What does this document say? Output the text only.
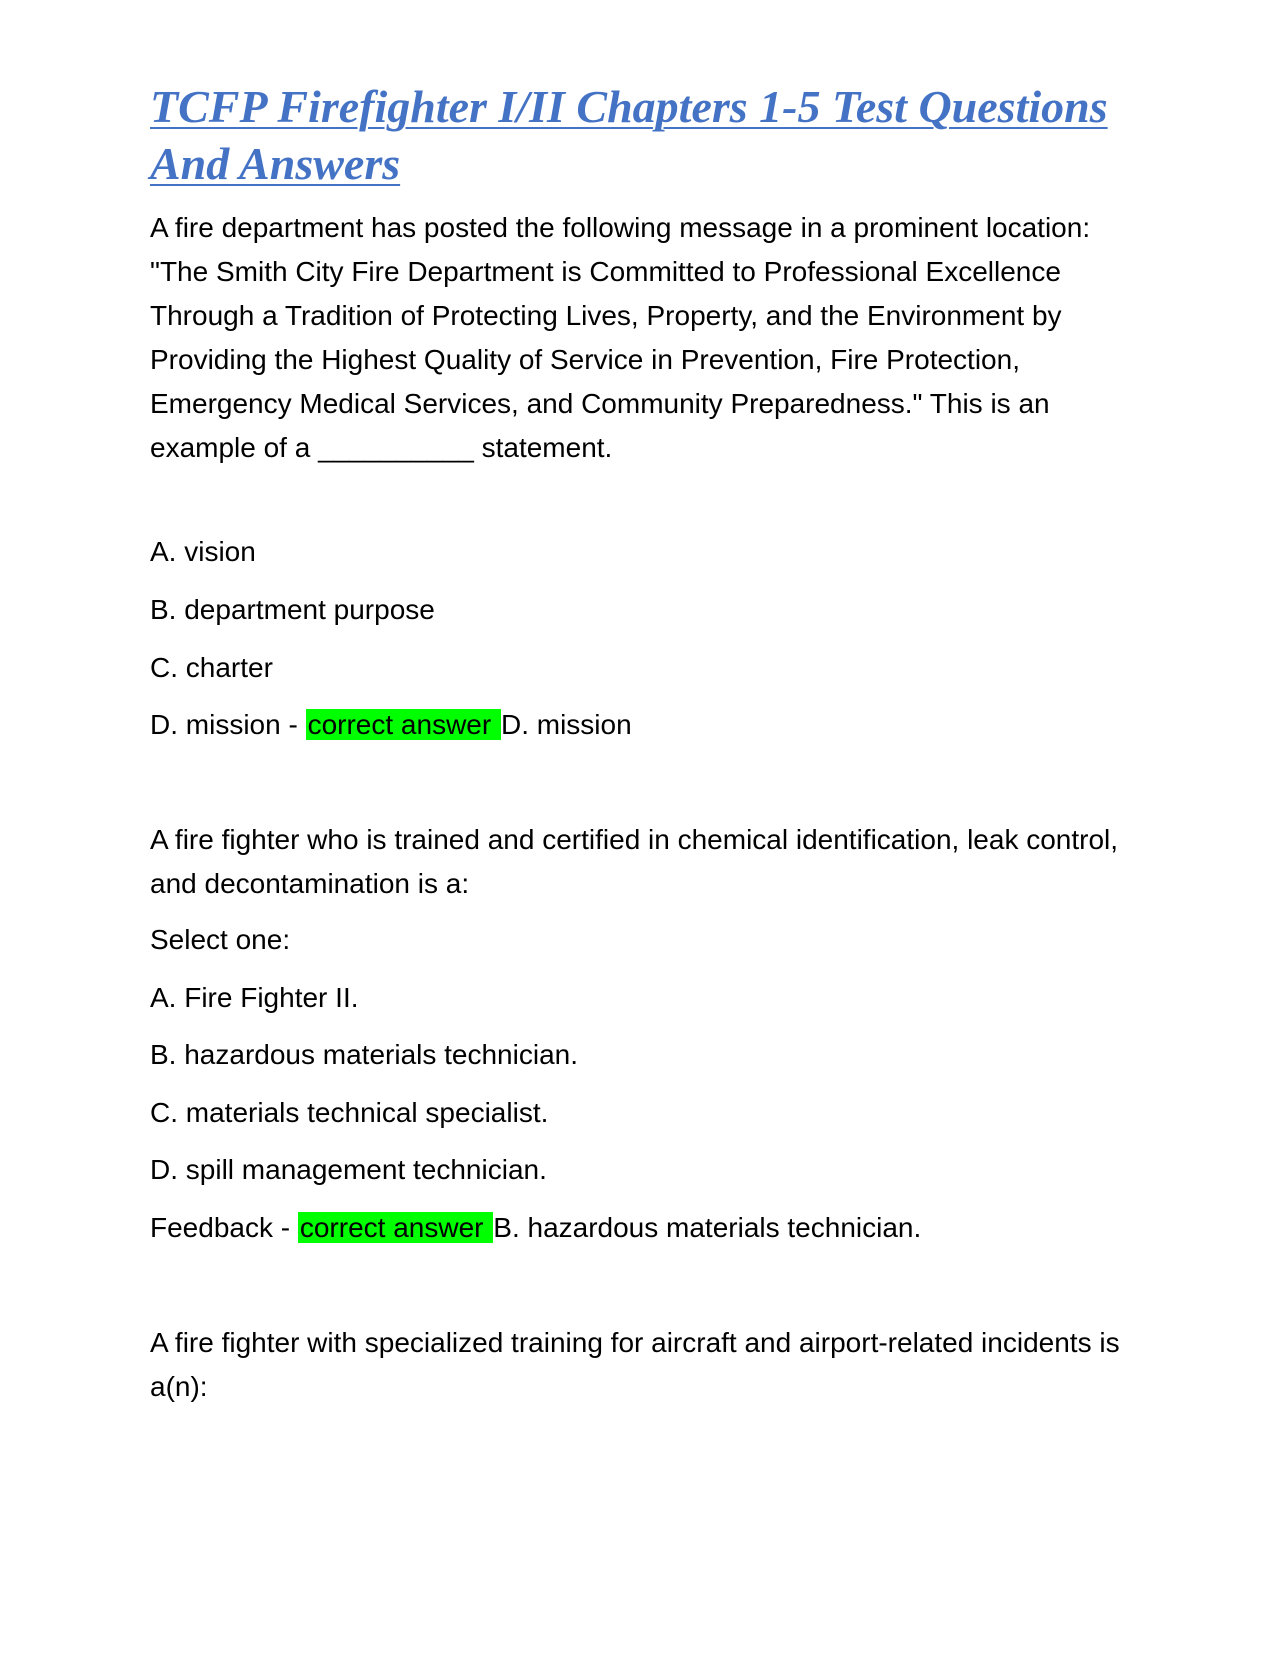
TCFP Firefighter I/II Chapters 1-5 Test Questions And Answers

A fire department has posted the following message in a prominent location: "The Smith City Fire Department is Committed to Professional Excellence Through a Tradition of Protecting Lives, Property, and the Environment by Providing the Highest Quality of Service in Prevention, Fire Protection, Emergency Medical Services, and Community Preparedness." This is an example of a __________ statement.

A. vision

B. department purpose

C. charter

D. mission - correct answer D. mission

A fire fighter who is trained and certified in chemical identification, leak control, and decontamination is a:

Select one:

A. Fire Fighter II.

B. hazardous materials technician.

C. materials technical specialist.

D. spill management technician.

Feedback - correct answer B. hazardous materials technician.

A fire fighter with specialized training for aircraft and airport-related incidents is a(n):
